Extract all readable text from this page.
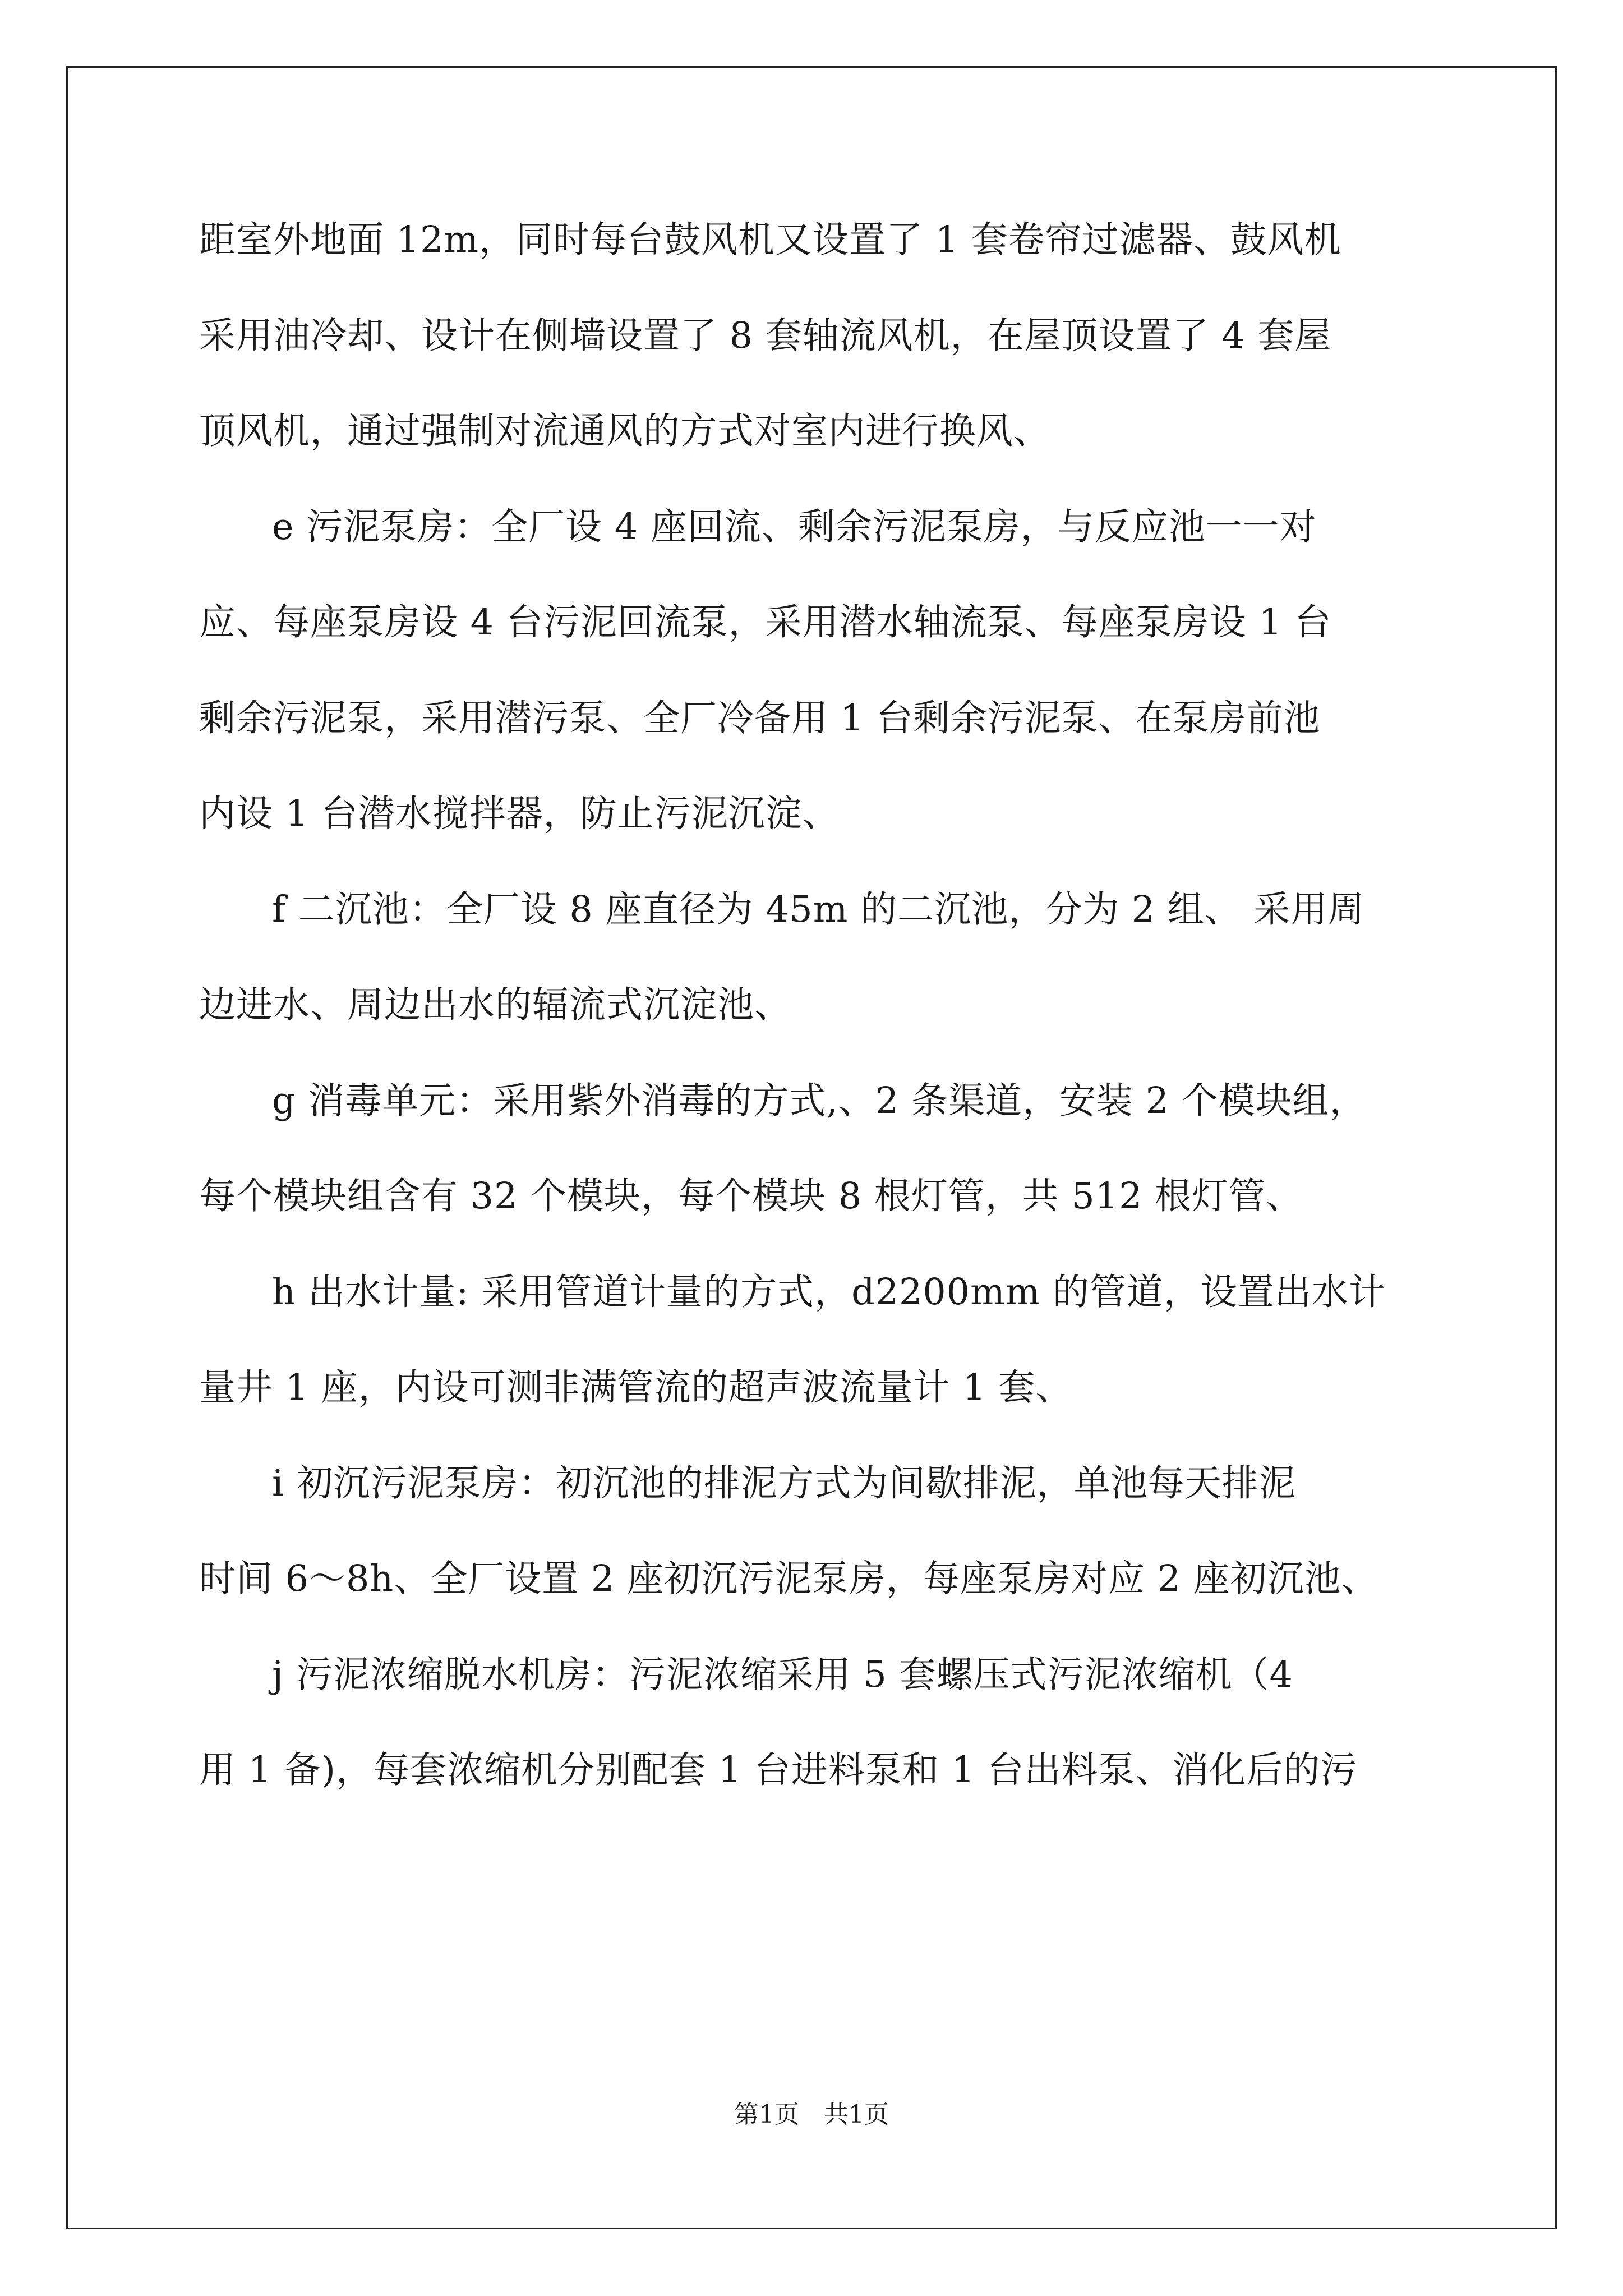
距室外地面 12m，同时每台鼓风机又设置了 1 套卷帘过滤器、鼓风机
采用油冷却、设计在侧墙设置了 8 套轴流风机，在屋顶设置了 4 套屋
顶风机，通过强制对流通风的方式对室内进行换风、
e 污泥泵房：全厂设 4 座回流、剩余污泥泵房，与反应池一一对
应、每座泵房设 4 台污泥回流泵，采用潜水轴流泵、每座泵房设 1 台
剩余污泥泵，采用潜污泵、全厂冷备用 1 台剩余污泥泵、在泵房前池
内设 1 台潜水搅拌器，防止污泥沉淀、
f 二沉池：全厂设 8 座直径为 45m 的二沉池，分为 2 组、 采用周
边进水、周边出水的辐流式沉淀池、
g 消毒单元：采用紫外消毒的方式,、2 条渠道，安装 2 个模块组，
每个模块组含有 32 个模块，每个模块 8 根灯管，共 512 根灯管、
h 出水计量: 采用管道计量的方式，d2200mm 的管道，设置出水计
量井 1 座，内设可测非满管流的超声波流量计 1 套、
i 初沉污泥泵房：初沉池的排泥方式为间歇排泥，单池每天排泥
时间 6～8h、全厂设置 2 座初沉污泥泵房，每座泵房对应 2 座初沉池、
j 污泥浓缩脱水机房：污泥浓缩采用 5 套螺压式污泥浓缩机（4
用 1 备)，每套浓缩机分别配套 1 台进料泵和 1 台出料泵、消化后的污
第1页　共1页
